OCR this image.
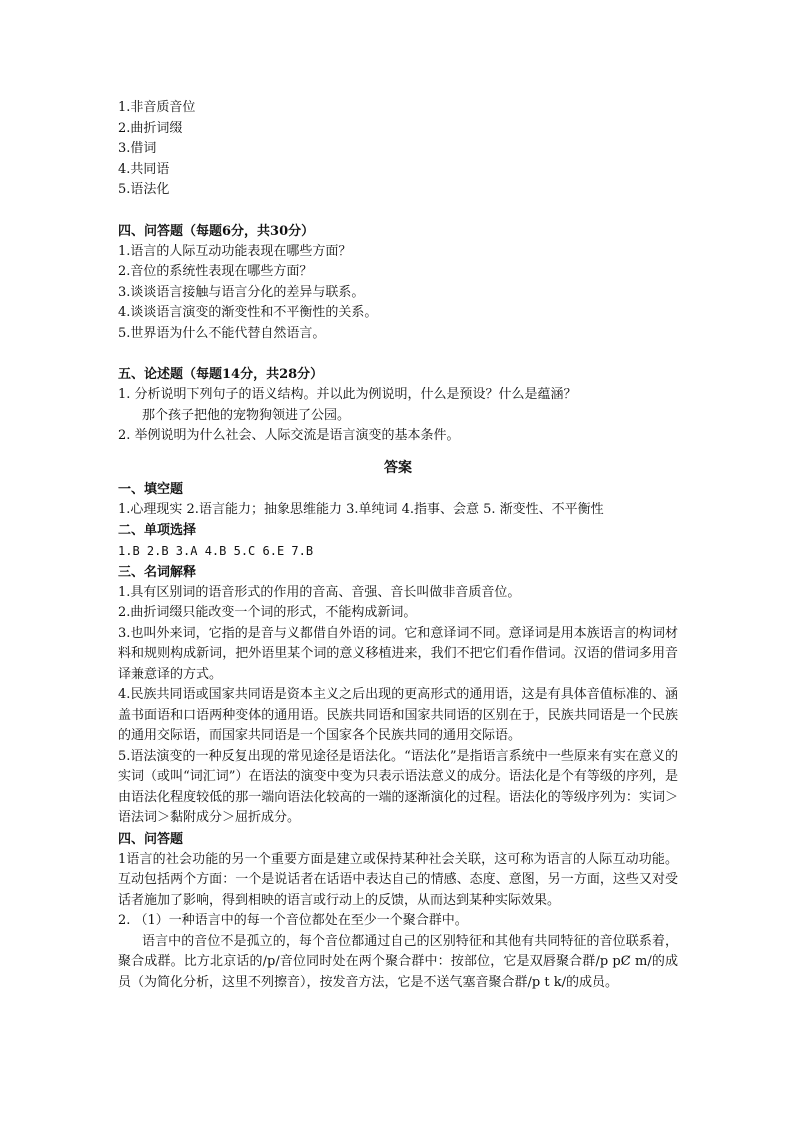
1.非音质音位
2.曲折词缀
3.借词
4.共同语
5.语法化
四、问答题（每题6分，共30分）
1.语言的人际互动功能表现在哪些方面？
2.音位的系统性表现在哪些方面？
3.谈谈语言接触与语言分化的差异与联系。
4.谈谈语言演变的渐变性和不平衡性的关系。
5.世界语为什么不能代替自然语言。
五、论述题（每题14分，共28分）
1. 分析说明下列句子的语义结构。并以此为例说明，什么是预设？什么是蕴涵？
那个孩子把他的宠物狗领进了公园。
2. 举例说明为什么社会、人际交流是语言演变的基本条件。
答案
一、填空题
1.心理现实 2.语言能力；抽象思维能力 3.单纯词 4.指事、会意 5. 渐变性、不平衡性
二、单项选择
1.B 2.B 3.A 4.B 5.C 6.E 7.B
三、名词解释
1.具有区别词的语音形式的作用的音高、音强、音长叫做非音质音位。
2.曲折词缀只能改变一个词的形式，不能构成新词。
3.也叫外来词，它指的是音与义都借自外语的词。它和意译词不同。意译词是用本族语言的构词材料和规则构成新词，把外语里某个词的意义移植进来，我们不把它们看作借词。汉语的借词多用音译兼意译的方式。
4.民族共同语或国家共同语是资本主义之后出现的更高形式的通用语，这是有具体音值标准的、涵盖书面语和口语两种变体的通用语。民族共同语和国家共同语的区别在于，民族共同语是一个民族的通用交际语，而国家共同语是一个国家各个民族共同的通用交际语。
5.语法演变的一种反复出现的常见途径是语法化。“语法化”是指语言系统中一些原来有实在意义的实词（或叫“词汇词”）在语法的演变中变为只表示语法意义的成分。语法化是个有等级的序列，是由语法化程度较低的那一端向语法化较高的一端的逐渐演化的过程。语法化的等级序列为：实词＞语法词＞黏附成分＞屈折成分。
四、问答题
1语言的社会功能的另一个重要方面是建立或保持某种社会关联，这可称为语言的人际互动功能。互动包括两个方面：一个是说话者在话语中表达自己的情感、态度、意图，另一方面，这些又对受话者施加了影响，得到相映的语言或行动上的反馈，从而达到某种实际效果。
2. （1）一种语言中的每一个音位都处在至少一个聚合群中。
语言中的音位不是孤立的，每个音位都通过自己的区别特征和其他有共同特征的音位联系着，聚合成群。比方北京话的/p/音位同时处在两个聚合群中：按部位，它是双唇聚合群/p pȻ m/的成员（为简化分析，这里不列擦音），按发音方法，它是不送气塞音聚合群/p t k/的成员。
